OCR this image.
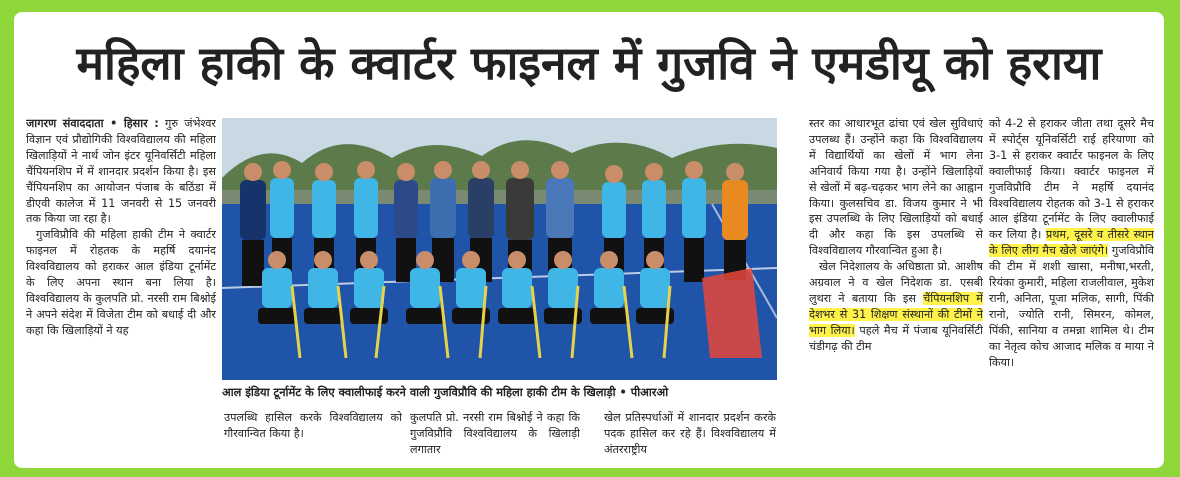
महिला हाकी के क्वार्टर फाइनल में गुजवि ने एमडीयू को हराया

जागरण संवाददाता • हिसार : गुरु जंभेश्वर विज्ञान एवं प्रौद्योगिकी विश्वविद्यालय की महिला खिलाड़ियों ने नार्थ जोन इंटर यूनिवर्सिटी महिला चैंपियनशिप में में शानदार प्रदर्शन किया है। इस चैंपियनशिप का आयोजन पंजाब के बठिंडा में डीएवी कालेज में 11 जनवरी से 15 जनवरी तक किया जा रहा है।

गुजविप्रौवि की महिला हाकी टीम ने क्वार्टर फाइनल में रोहतक के महर्षि दयानंद विश्वविद्यालय को हराकर आल इंडिया टूर्नामेंट के लिए अपना स्थान बना लिया है। विश्वविद्यालय के कुलपति प्रो. नरसी राम बिश्नोई ने अपने संदेश में विजेता टीम को बधाई दी और कहा कि खिलाड़ियों ने यह

आल इंडिया टूर्नामेंट के लिए क्वालीफाई करने वाली गुजविप्रौवि की महिला हाकी टीम के खिलाड़ी • पीआरओ
उपलब्धि हासिल करके विश्वविद्यालय को गौरवान्वित किया है।
कुलपति प्रो. नरसी राम बिश्नोई ने कहा कि गुजविप्रौवि विश्वविद्यालय के खिलाड़ी लगातार
खेल प्रतिस्पर्धाओं में शानदार प्रदर्शन करके पदक हासिल कर रहे हैं। विश्वविद्यालय में अंतरराष्ट्रीय

स्तर का आधारभूत ढांचा एवं खेल सुविधाएं उपलब्ध हैं। उन्होंने कहा कि विश्वविद्यालय में विद्यार्थियों का खेलों में भाग लेना अनिवार्य किया गया है। उन्होंने खिलाड़ियों से खेलों में बढ़-चढ़कर भाग लेने का आह्वान किया। कुलसचिव डा. विजय कुमार ने भी इस उपलब्धि के लिए खिलाड़ियों को बधाई दी और कहा कि इस उपलब्धि से विश्वविद्यालय गौरवान्वित हुआ है।

खेल निदेशालय के अधिष्ठाता प्रो. आशीष अग्रवाल ने व खेल निदेशक डा. एसबी लुथरा ने बताया कि इस चैंपियनशिप में देशभर से 31 शिक्षण संस्थानों की टीमों ने भाग लिया। पहले मैच में पंजाब यूनिवर्सिटी चंडीगढ़ की टीम

को 4-2 से हराकर जीता तथा दूसरे मैच में स्पोर्ट्स यूनिवर्सिटी राई हरियाणा को 3-1 से हराकर क्वार्टर फाइनल के लिए क्वालीफाई किया। क्वार्टर फाइनल में गुजविप्रौवि टीम ने महर्षि दयानंद विश्वविद्यालय रोहतक को 3-1 से हराकर आल इंडिया टूर्नामेंट के लिए क्वालीफाई कर लिया है। प्रथम, दूसरे व तीसरे स्थान के लिए लीग मैच खेले जाएंगे। गुजविप्रौवि की टीम में शशी खासा, मनीषा,भरती, रियंका कुमारी, महिला राजलीवाल, मुकेश रानी, अनिता, पूजा मलिक, सागी, पिंकी रानो, ज्योति रानी, सिमरन, कोमल, पिंकी, सानिया व तमन्ना शामिल थे। टीम का नेतृत्व कोच आजाद मलिक व माया ने किया।
